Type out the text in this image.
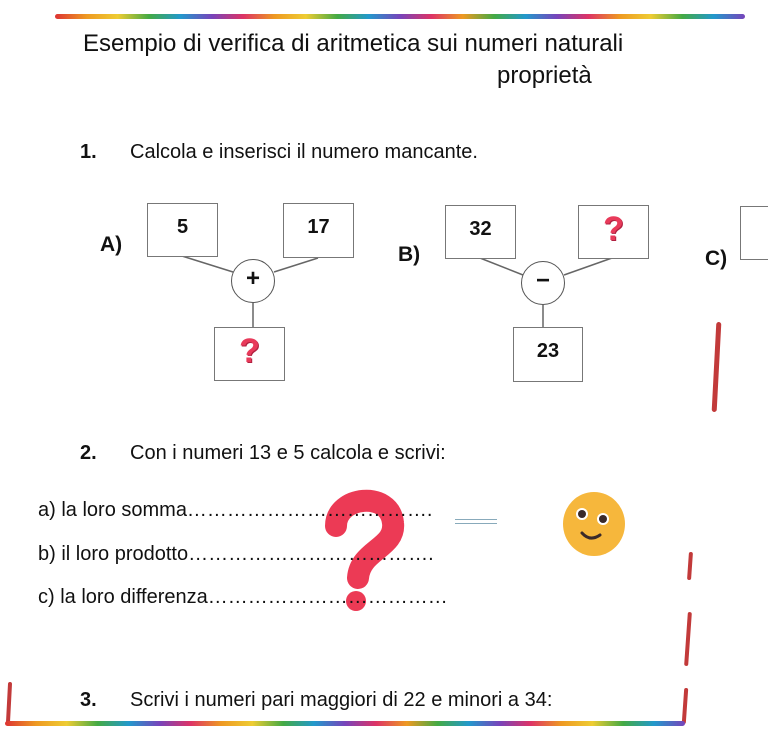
Esempio di verifica di aritmetica sui numeri naturali
proprietà
1. Calcola e inserisci il numero mancante.
A)
5	17
+
?
B)
32	?
−
23
C)
2. Con i numeri 13 e 5 calcola e scrivi:
a) la loro somma……………………………….
b) il loro prodotto……………………………….
c) la loro differenza………………………………
3. Scrivi i numeri pari maggiori di 22 e minori a 34:
